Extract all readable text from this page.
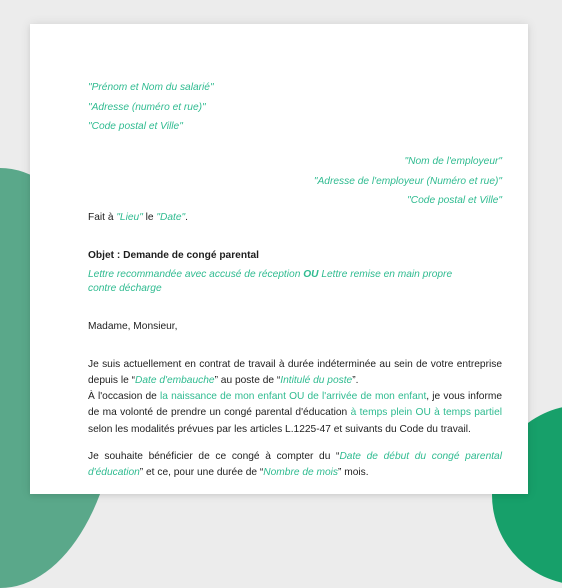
"Prénom et Nom du salarié"
"Adresse (numéro et rue)"
"Code postal et Ville"
"Nom de l'employeur"
"Adresse de l'employeur (Numéro et rue)"
"Code postal et Ville"
Fait à "Lieu" le "Date".
Objet : Demande de congé parental
Lettre recommandée avec accusé de réception OU Lettre remise en main propre
contre décharge
Madame, Monsieur,
Je suis actuellement en contrat de travail à durée indéterminée au sein de votre entreprise depuis le “Date d'embauche” au poste de “Intitulé du poste”.
À l'occasion de la naissance de mon enfant OU de l'arrivée de mon enfant, je vous informe de ma volonté de prendre un congé parental d'éducation à temps plein OU à temps partiel selon les modalités prévues par les articles L.1225-47 et suivants du Code du travail.
Je souhaite bénéficier de ce congé à compter du “Date de début du congé parental d'éducation” et ce, pour une durée de “Nombre de mois” mois.
